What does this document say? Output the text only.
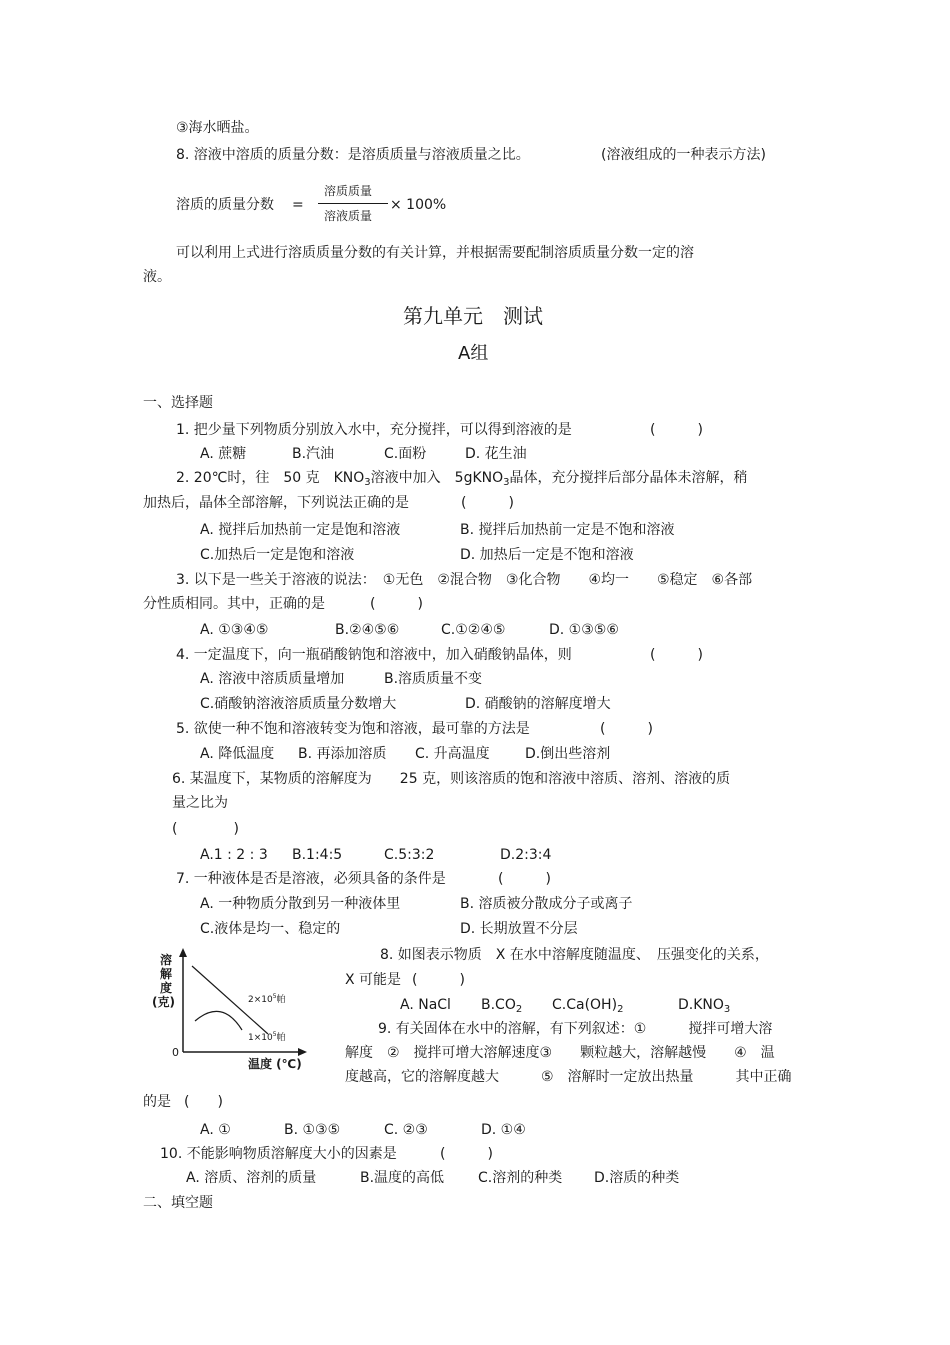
③海水晒盐。
8. 溶液中溶质的质量分数：是溶质质量与溶液质量之比。	(溶液组成的一种表示方法)
溶质的质量分数 =
溶质质量
溶液质量
× 100%
可以利用上式进行溶质质量分数的有关计算，并根据需要配制溶质质量分数一定的溶
液。
第九单元　测试
A组
一、选择题
1. 把少量下列物质分别放入水中，充分搅拌，可以得到溶液的是	(　　　)
A. 蔗糖	B.汽油	C.面粉	D. 花生油
2. 20℃时，往　50 克　$KNO_3$溶液中加入　5gKNO$_3$晶体，充分搅拌后部分晶体未溶解，稍
加热后，晶体全部溶解，下列说法正确的是	(　　　)
A. 搅拌后加热前一定是饱和溶液	B. 搅拌后加热前一定是不饱和溶液
C.加热后一定是饱和溶液	D. 加热后一定是不饱和溶液
3. 以下是一些关于溶液的说法：　①无色　②混合物　③化合物　　④均一　　⑤稳定　⑥各部
分性质相同。其中，正确的是	(　　　)
A. ①③④⑤	B.②④⑤⑥	C.①②④⑤	D. ①③⑤⑥
4. 一定温度下，向一瓶硝酸钠饱和溶液中，加入硝酸钠晶体，则	(　　　)
A. 溶液中溶质质量增加	B.溶质质量不变
C.硝酸钠溶液溶质质量分数增大	D. 硝酸钠的溶解度增大
5. 欲使一种不饱和溶液转变为饱和溶液，最可靠的方法是	(　　　)
A. 降低温度 B. 再添加溶质 C. 升高温度	D.倒出些溶剂
6. 某温度下，某物质的溶解度为　　25 克，则该溶质的饱和溶液中溶质、溶剂、溶液的质
量之比为
(　　　　)
A.1 : 2 : 3 B.1:4:5	C.5:3:2	D.2:3:4
7. 一种液体是否是溶液，必须具备的条件是	(　　　)
A. 一种物质分散到另一种液体里	B. 溶质被分散成分子或离子
C.液体是均一、稳定的	D. 长期放置不分层
溶
解
度
(克)
0
温度 (℃)
$2\times 10^5$帕
$1\times 10^5$帕
8. 如图表示物质　X 在水中溶解度随温度、　压强变化的关系，
X 可能是 (　　　)
A. NaCl $B.CO_2$ $C.Ca(OH)_2$	$D.KNO_3$
9. 有关固体在水中的溶解，有下列叙述：①　　　搅拌可增大溶
解度　②　搅拌可增大溶解速度③　　颗粒越大，溶解越慢　　④　温
度越高，它的溶解度越大　　　⑤　溶解时一定放出热量　　　其中正确
的是 (　　)
A. ①	B. ①③⑤	C. ②③	D. ①④
10. 不能影响物质溶解度大小的因素是	(　　　)
A. 溶质、溶剂的质量	B.温度的高低 C.溶剂的种类 D.溶质的种类
二、填空题
